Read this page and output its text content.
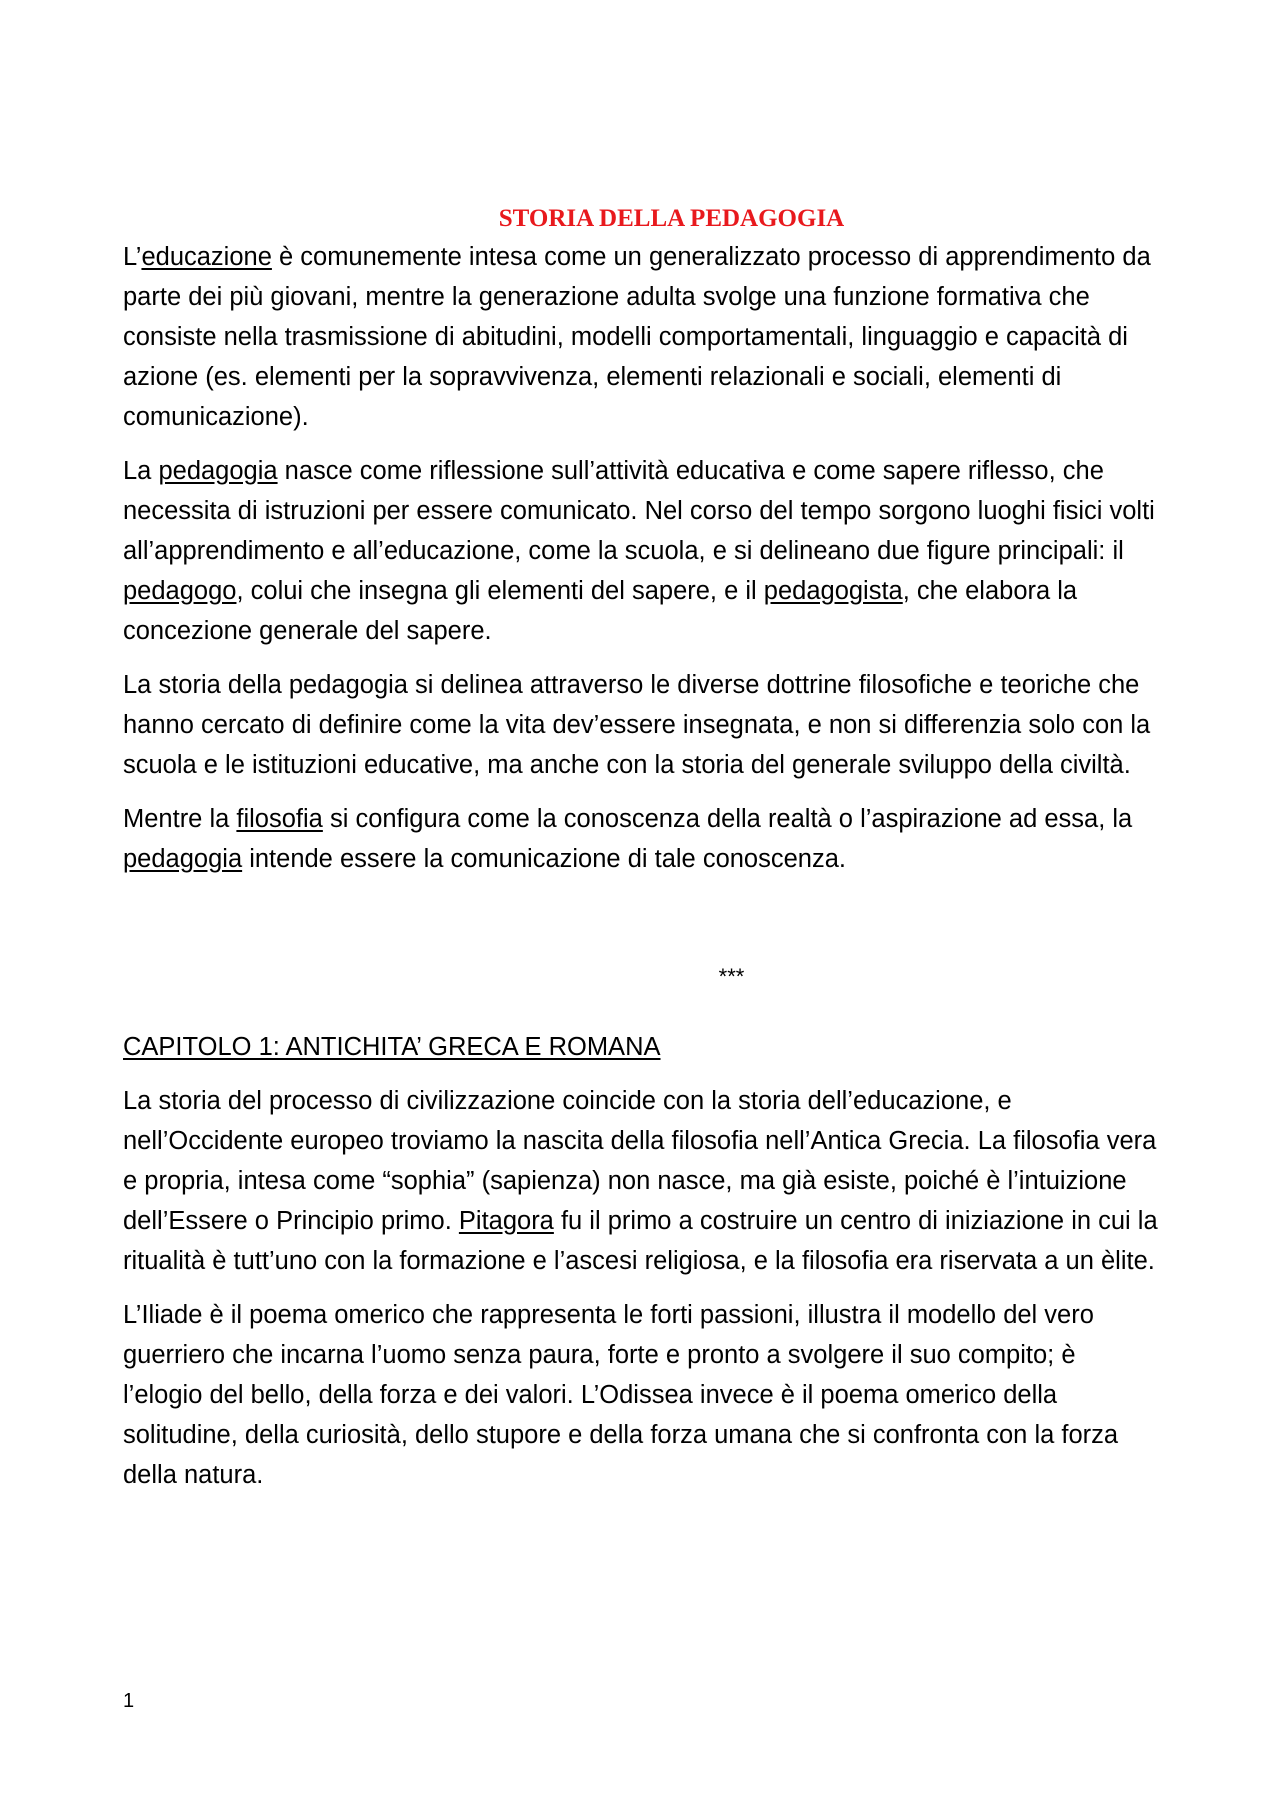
STORIA DELLA PEDAGOGIA

L’educazione è comunemente intesa come un generalizzato processo di apprendimento da parte dei più giovani, mentre la generazione adulta svolge una funzione formativa che consiste nella trasmissione di abitudini, modelli comportamentali, linguaggio e capacità di azione (es. elementi per la sopravvivenza, elementi relazionali e sociali, elementi di comunicazione).

La pedagogia nasce come riflessione sull’attività educativa e come sapere riflesso, che necessita di istruzioni per essere comunicato. Nel corso del tempo sorgono luoghi fisici volti all’apprendimento e all’educazione, come la scuola, e si delineano due figure principali: il pedagogo, colui che insegna gli elementi del sapere, e il pedagogista, che elabora la concezione generale del sapere.

La storia della pedagogia si delinea attraverso le diverse dottrine filosofiche e teoriche che hanno cercato di definire come la vita dev’essere insegnata, e non si differenzia solo con la scuola e le istituzioni educative, ma anche con la storia del generale sviluppo della civiltà.

Mentre la filosofia si configura come la conoscenza della realtà o l’aspirazione ad essa, la pedagogia intende essere la comunicazione di tale conoscenza.

***
CAPITOLO 1: ANTICHITA’ GRECA E ROMANA

La storia del processo di civilizzazione coincide con la storia dell’educazione, e nell’Occidente europeo troviamo la nascita della filosofia nell’Antica Grecia. La filosofia vera e propria, intesa come “sophia” (sapienza) non nasce, ma già esiste, poiché è l’intuizione dell’Essere o Principio primo. Pitagora fu il primo a costruire un centro di iniziazione in cui la ritualità è tutt’uno con la formazione e l’ascesi religiosa, e la filosofia era riservata a un èlite.

L’Iliade è il poema omerico che rappresenta le forti passioni, illustra il modello del vero guerriero che incarna l’uomo senza paura, forte e pronto a svolgere il suo compito; è l’elogio del bello, della forza e dei valori. L’Odissea invece è il poema omerico della solitudine, della curiosità, dello stupore e della forza umana che si confronta con la forza della natura.

1
